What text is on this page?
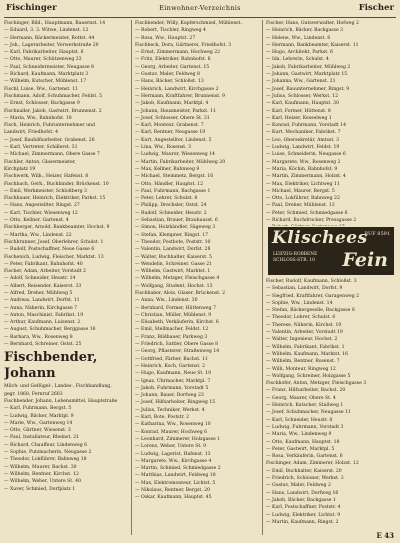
Fischinger	Einwohner-Verzeichnis	Fischer
Fischinger, Bild., Hauptmann, Bauernst. 14
— Eduard, 3. 3. Witwe, Lindenst. 12
— Hermann, Bäckermeister, Rottst. 44
— Joh., Lagerarbeiter, Vorwerkstraße 20
— Karl, Fabrikarbeiter, Hauptst. 6
— Otto, Maurer, Schützenweg 23
— Paul, Schneidermeister, Neugasse 8
— Richard, Kaufmann, Marktplatz 3
— Wilhelm, Kutscher, Mühlenst. 17
Fischl, Luise, Ww., Gartenst. 11
Fischmann, Adolf, Schuhmacher, Feldst. 5
— Ernst, Schlosser, Bachgasse 9
Fischnaller, Jakob, Gastwirt, Brunnenst. 2
— Maria, Ww., Bahnhofst. 18
Fisch, Heinrich, Fuhrunternehmer und
Landwirt, Friedhofst. 4
— Josef, Bauhilfsarbeiter, Grabenst. 26
— Karl, Vertreter, Schillerst. 31
— Michael, Zimmermann, Obere Gasse 7
Fischler, Anton, Glasermeister,
Kirchplatz 19
Fischwerk, Wilh., Heizer, Hafenst. 8
Fischbach, Gerh., Buchbinder, Brückenst. 10
— Emil, Werkmeister, Schloßberg 3
Fischbauer, Heinrich, Elektriker, Parkst. 15
— Hans, Angestellter, Ringst. 27
— Karl, Tischler, Wiesenweg 12
— Otto, Kellner, Gartenst. 4
Fischberger, Arnold, Bankbeamter, Hochst. 9
— Martha, Ww., Lindenst. 22
Fischbrunner, Josef, Oberlehrer, Schulst. 1
— Rudolf, Postschaffner, Neue Gasse 6
Fischenich, Ludwig, Fleischer, Marktst. 13
— Peter, Fabrikant, Bahnhofst. 40
Fischer, Adam, Arbeiter, Vorstadt 2
— Adolf, Schneider, Heustr. 14
— Albert, Reisender, Kaiserst. 33
— Alfred, Dreher, Mühlweg 5
— Andreas, Landwirt, Dorfst. 11
— Anna, Näherin, Kirchgasse 7
— Anton, Maschinist, Fabrikst. 19
— Arthur, Kaufmann, Luisenst. 2
— August, Schuhmacher, Berggasse 16
— Barbara, Ww., Rosenweg 8
— Bernhard, Schreiner, Ostst. 25
Fischbender, Johann
Milch- und Geflügel-, Landes-, Fischhandlung,
gegr. 1868, Fernruf 2603
Fischbender, Johann, Lebensmittel, Hauptstraße
— Karl, Fuhrmann, Bergst. 5
— Ludwig, Bäcker, Marktpl. 9
— Marie, Ww., Gartenweg 14
— Otto, Gärtner, Wiesenst. 3
— Paul, Installateur, Rheinst. 21
— Richard, Chauffeur, Lindenweg 6
— Sophie, Putzmacherin, Neugasse 2
— Theodor, Lokführer, Bahnweg 18
— Wilhelm, Maurer, Bachst. 30
— Wilhelm, Rentner, Kirchst. 12
— Wilhelm, Weber, Untere St. 40
— Xaver, Schmied, Dorfplatz 1
Fischbender, Willy, Kupferschmied, Mühlenst.
— Robert, Tischler, Ringweg 4
— Rosa, Ww., Hauptst. 27
Fischbeck, Dora, Gärtnerei, Friedhofst. 3
— Ernst, Zimmermann, Hochweg 22
— Fritz, Elektriker, Bahnhofst. 6
— Georg, Arbeiter, Gartenst. 15
— Gustav, Maler, Feldweg 8
— Hans, Bäcker, Schloßst. 13
— Heinrich, Landwirt, Kirchgasse 2
— Hermann, Kraftfahrer, Brunnenst. 9
— Jakob, Kaufmann, Marktpl. 4
— Johann, Hausmeister, Parkst. 11
— Josef, Schlosser, Obere St. 31
— Karl, Monteur, Grabenst. 7
— Karl, Rentner, Neugasse 19
— Kurt, Angestellter, Lindenst. 5
— Lina, Ww., Rosenst. 3
— Ludwig, Maurer, Wiesenweg 14
— Martin, Fabrikarbeiter, Mühlweg 20
— Max, Kellner, Bahnweg 9
— Michael, Steinmetz, Bergst. 16
— Otto, Händler, Hauptst. 12
— Paul, Fuhrmann, Bachgasse 1
— Peter, Lehrer, Schulst. 8
— Philipp, Drechsler, Ostst. 24
— Rudolf, Schneider, Heustr. 2
— Sebastian, Brauer, Brauhausst. 6
— Simon, Holzhändler, Sägeweg 3
— Stefan, Klempner, Ringst. 17
— Theodor, Postbote, Poststr. 10
— Valentin, Landwirt, Dorfst. 28
— Walter, Buchhalter, Kaiserst. 5
— Wendelin, Schreiner, Gasse 21
— Wilhelm, Gastwirt, Marktst. 1
— Wilhelm, Metzger, Fleischgasse 4
— Wolfgang, Student, Hochst. 13
Fischhaber, Alois, Glaser, Brückenst. 2
— Anna, Ww., Lindenst. 30
— Bernhard, Former, Hüttenweg 7
— Christian, Müller, Mühlenst. 9
— Elisabeth, Verkäuferin, Kirchst. 6
— Emil, Stellmacher, Feldst. 12
— Franz, Bildhauer, Parkweg 3
— Friedrich, Sattler, Obere Gasse 8
— Georg, Pflasterer, Straßenweg 14
— Gottfried, Färber, Bachst. 11
— Heinrich, Koch, Gartenst. 2
— Hugo, Kaufmann, Neue St. 19
— Ignaz, Uhrmacher, Marktpl. 7
— Jakob, Fuhrmann, Vorstadt 5
— Johann, Bauer, Dorfweg 23
— Josef, Hilfsarbeiter, Ringweg 15
— Julius, Techniker, Werkst. 4
— Karl, Bote, Poststr. 2
— Katharina, Ww., Rosenweg 10
— Konrad, Maurer, Hochweg 6
— Leonhard, Zimmerer, Holzgasse 1
— Lorenz, Weber, Untere St. 9
— Ludwig, Lagerist, Hafenst. 13
— Margarete, Ww., Kirchgasse 4
— Martin, Schmied, Schmiedgasse 2
— Matthias, Landwirt, Feldweg 18
— Max, Elektromonteur, Lichtst. 5
— Nikolaus, Rentner, Bergst. 20
— Oskar, Kaufmann, Hauptst. 45
Fischer, Hans, Gutsverwalter, Hofweg 2
— Heinrich, Bäcker, Backgasse 3
— Helene, Ww., Lindenst. 8
— Hermann, Bankbeamter, Kaiserst. 11
— Hugo, Architekt, Parkst. 6
— Ida, Lehrerin, Schulst. 4
— Jakob, Fabrikarbeiter, Mühlweg 2
— Johann, Gastwirt, Marktplatz 15
— Johanna, Ww., Gartenst. 21
— Josef, Bauunternehmer, Ringst. 9
— Julius, Schlosser, Werkst. 12
— Karl, Kaufmann, Hauptst. 30
— Karl, Former, Hüttenst. 8
— Karl, Heizer, Kesselweg 1
— Konrad, Fuhrmann, Vorstadt 14
— Kurt, Mechaniker, Fabrikst. 7
— Leo, Obersekretär, Amtsst. 3
— Ludwig, Landwirt, Feldst. 19
— Luise, Schneiderin, Neugasse 6
— Margarete, Ww., Rosenweg 2
— Maria, Köchin, Bahnhofst. 9
— Martin, Zimmermann, Holzst. 4
— Max, Elektriker, Lichtweg 11
— Michael, Maurer, Bergst. 5
— Otto, Lokführer, Bahnweg 22
— Paul, Dreher, Mühlenst. 13
— Peter, Schmied, Schmiedgasse 6
— Richard, Buchdrucker, Pressgasse 2
Fischer, Rudolf, Kaufmann, Schloßst. 3
— Sebastian, Landwirt, Dorfst. 9
— Siegfried, Kraftfahrer, Garagenweg 2
— Sophie, Ww., Lindenst. 14
— Stefan, Bäckergeselle, Backgasse 8
— Theodor, Lehrer, Schulst. 6
— Therese, Näherin, Kirchst. 10
— Valentin, Arbeiter, Vorstadt 19
— Walter, Ingenieur, Hochst. 2
— Wilhelm, Fabrikant, Fabrikst. 1
— Wilhelm, Kaufmann, Marktst. 16
— Wilhelm, Rentner, Rosenst. 7
— Willi, Monteur, Ringweg 12
— Wolfgang, Schreiner, Holzgasse 5
Fischhofer, Anton, Metzger, Fleischgasse 3
— Franz, Hilfsarbeiter, Bachst. 20
— Georg, Maurer, Obere St. 4
— Heinrich, Kutscher, Stallweg 1
— Josef, Schuhmacher, Neugasse 11
— Karl, Schneider, Heustr. 8
— Ludwig, Fuhrmann, Vorstadt 3
— Maria, Ww., Lindenweg 9
— Otto, Kaufmann, Hauptst. 18
— Peter, Gastwirt, Marktpl. 5
— Rosa, Verkäuferin, Gartenst. 6
Fischinger, Adam, Zimmerer, Holzst. 12
— Emil, Buchhalter, Kaiserst. 20
— Friedrich, Schlosser, Werkst. 3
— Gustav, Maler, Feldweg 2
— Hans, Landwirt, Dorfweg 16
— Jakob, Bäcker, Backgasse 1
— Karl, Postschaffner, Poststr. 4
— Ludwig, Elektriker, Lichtst. 9
— Martin, Kaufmann, Ringst. 2
Klischees
RUF 8591
LEIPZIG-ROBBENE SCHLOSS-STR. 10	Fein
E 43
